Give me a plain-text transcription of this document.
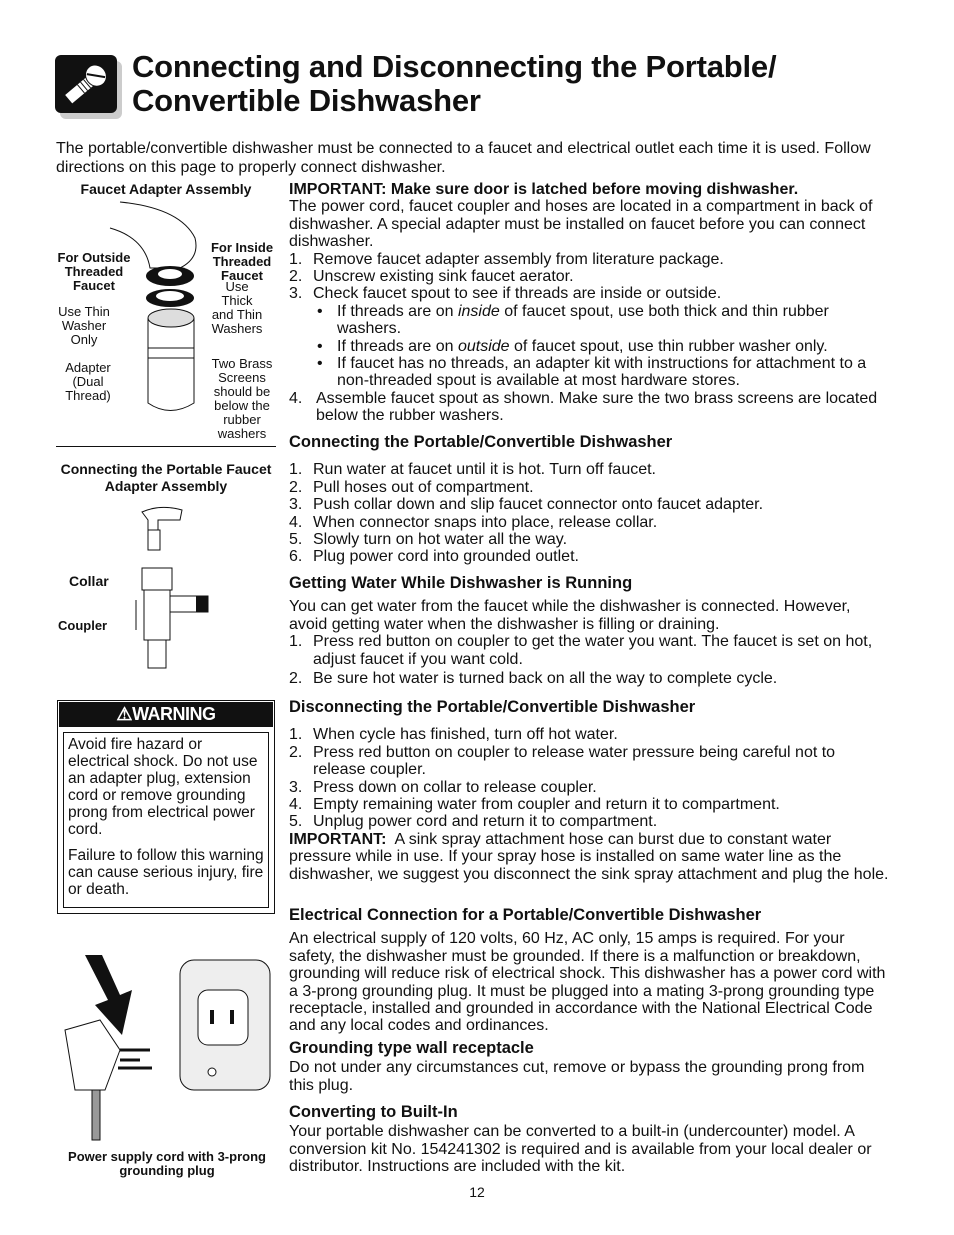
Connecting and Disconnecting the Portable/
Convertible Dishwasher

The portable/convertible dishwasher must be connected to a faucet and electrical outlet each time it is used. Follow directions on this page to properly connect dishwasher.

Faucet Adapter Assembly
For Outside Threaded Faucet
Use Thin Washer Only
Adapter (Dual Thread)
For Inside Threaded Faucet
Use Thick and Thin Washers
Two Brass Screens should be below the rubber washers
Connecting the Portable Faucet Adapter Assembly
Collar
Coupler
⚠WARNING

Avoid fire hazard or electrical shock. Do not use an adapter plug, extension cord or remove grounding prong from electrical power cord.

Failure to follow this warning can cause serious injury, fire or death.

Power supply cord with 3-prong grounding plug

IMPORTANT: Make sure door is latched before moving dishwasher.

The power cord, faucet coupler and hoses are located in a compartment in back of dishwasher. A special adapter must be installed on faucet before you can connect dishwasher.

1. Remove faucet adapter assembly from literature package.
2. Unscrew existing sink faucet aerator.
3. Check faucet spout to see if threads are inside or outside.
• If threads are on inside of faucet spout, use both thick and thin rubber washers.
• If threads are on outside of faucet spout, use thin rubber washer only.
• If faucet has no threads, an adapter kit with instructions for attachment to a non-threaded spout is available at most hardware stores.
4. Assemble faucet spout as shown. Make sure the two brass screens are located below the rubber washers.
Connecting the Portable/Convertible Dishwasher
1. Run water at faucet until it is hot. Turn off faucet.
2. Pull hoses out of compartment.
3. Push collar down and slip faucet connector onto faucet adapter.
4. When connector snaps into place, release collar.
5. Slowly turn on hot water all the way.
6. Plug power cord into grounded outlet.
Getting Water While Dishwasher is Running

You can get water from the faucet while the dishwasher is connected. However, avoid getting water when the dishwasher is filling or draining.

1. Press red button on coupler to get the water you want. The faucet is set on hot, adjust faucet if you want cold.
2. Be sure hot water is turned back on all the way to complete cycle.
Disconnecting the Portable/Convertible Dishwasher
1. When cycle has finished, turn off hot water.
2. Press red button on coupler to release water pressure being careful not to release coupler.
3. Press down on collar to release coupler.
4. Empty remaining water from coupler and return it to compartment.
5. Unplug power cord and return it to compartment.

IMPORTANT: A sink spray attachment hose can burst due to constant water pressure while in use. If your spray hose is installed on same water line as the dishwasher, we suggest you disconnect the sink spray attachment and plug the hole.

Electrical Connection for a Portable/Convertible Dishwasher

An electrical supply of 120 volts, 60 Hz, AC only, 15 amps is required. For your safety, the dishwasher must be grounded. If there is a malfunction or breakdown, grounding will reduce risk of electrical shock. This dishwasher has a power cord with a 3-prong grounding plug. It must be plugged into a mating 3-prong grounding type receptacle, installed and grounded in accordance with the National Electrical Code and any local codes and ordinances.

Grounding type wall receptacle

Do not under any circumstances cut, remove or bypass the grounding prong from this plug.

Converting to Built-In

Your portable dishwasher can be converted to a built-in (undercounter) model. A conversion kit No. 154241302 is required and is available from your local dealer or distributor. Instructions are included with the kit.

12
